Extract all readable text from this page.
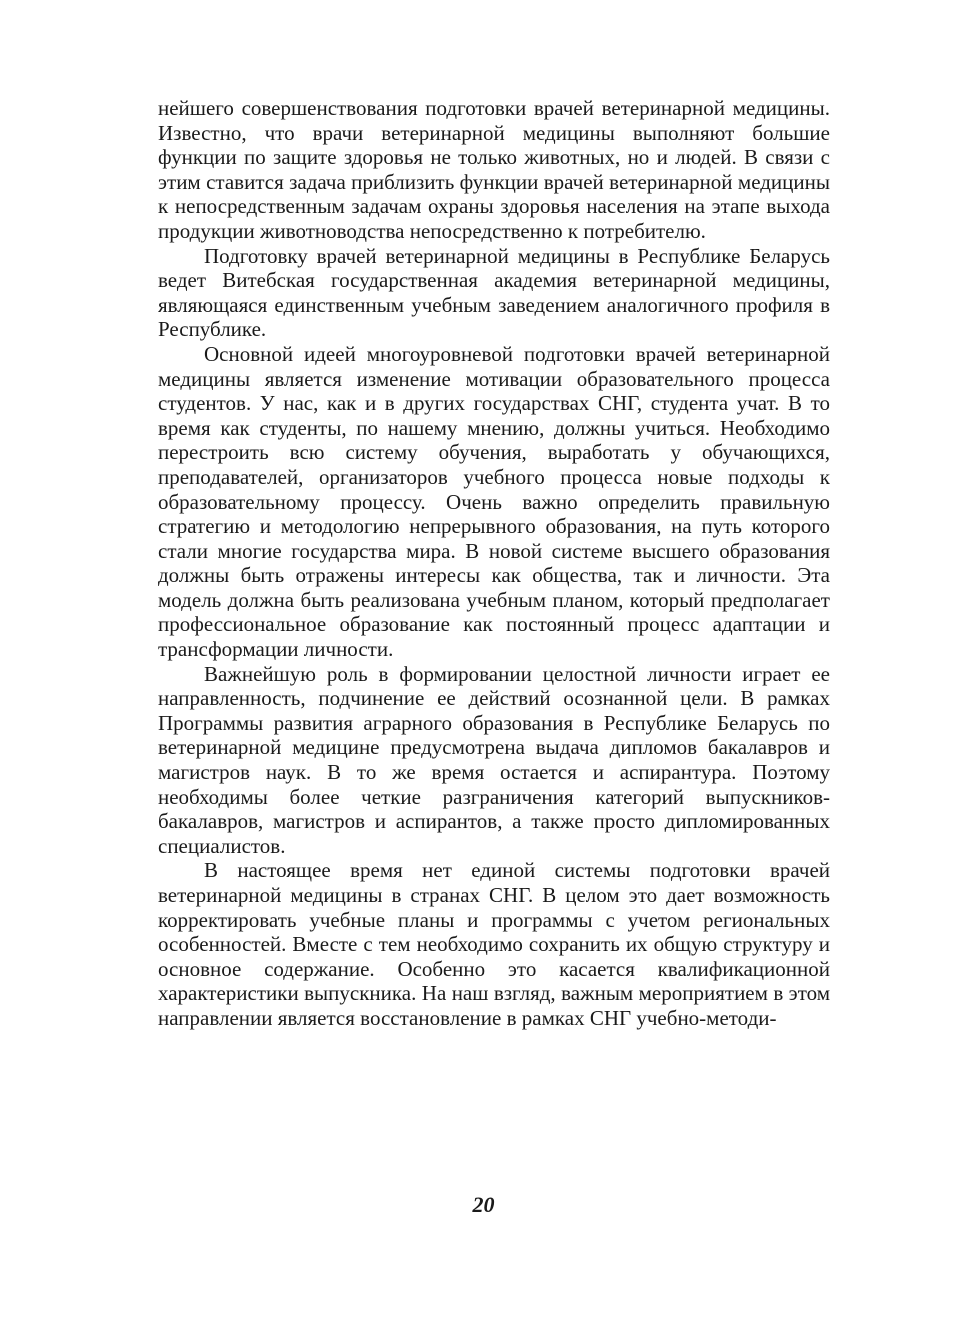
нейшего совершенствования подготовки врачей ветеринарной медицины. Известно, что врачи ветеринарной медицины выполняют большие функции по защите здоровья не только животных, но и людей. В связи с этим ставится задача приблизить функции врачей ветеринарной медицины к непосредственным задачам охраны здоровья населения на этапе выхода продукции животноводства непосредственно к потребителю.

Подготовку врачей ветеринарной медицины в Республике Беларусь ведет Витебская государственная академия ветеринарной медицины, являющаяся единственным учебным заведением аналогичного профиля в Республике.

Основной идеей многоуровневой подготовки врачей ветеринарной медицины является изменение мотивации образовательного процесса студентов. У нас, как и в других государствах СНГ, студента учат. В то время как студенты, по нашему мнению, должны учиться. Необходимо перестроить всю систему обучения, выработать у обучающихся, преподавателей, организаторов учебного процесса новые подходы к образовательному процессу. Очень важно определить правильную стратегию и методологию непрерывного образования, на путь которого стали многие государства мира. В новой системе высшего образования должны быть отражены интересы как общества, так и личности. Эта модель должна быть реализована учебным планом, который предполагает профессиональное образование как постоянный процесс адаптации и трансформации личности.

Важнейшую роль в формировании целостной личности играет ее направленность, подчинение ее действий осознанной цели. В рамках Программы развития аграрного образования в Республике Беларусь по ветеринарной медицине предусмотрена выдача дипломов бакалавров и магистров наук. В то же время остается и аспирантура. Поэтому необходимы более четкие разграничения категорий выпускников-бакалавров, магистров и аспирантов, а также просто дипломированных специалистов.

В настоящее время нет единой системы подготовки врачей ветеринарной медицины в странах СНГ. В целом это дает возможность корректировать учебные планы и программы с учетом региональных особенностей. Вместе с тем необходимо сохранить их общую структуру и основное содержание. Особенно это касается квалификационной характеристики выпускника. На наш взгляд, важным мероприятием в этом направлении является восстановление в рамках СНГ учебно-методи-

20
